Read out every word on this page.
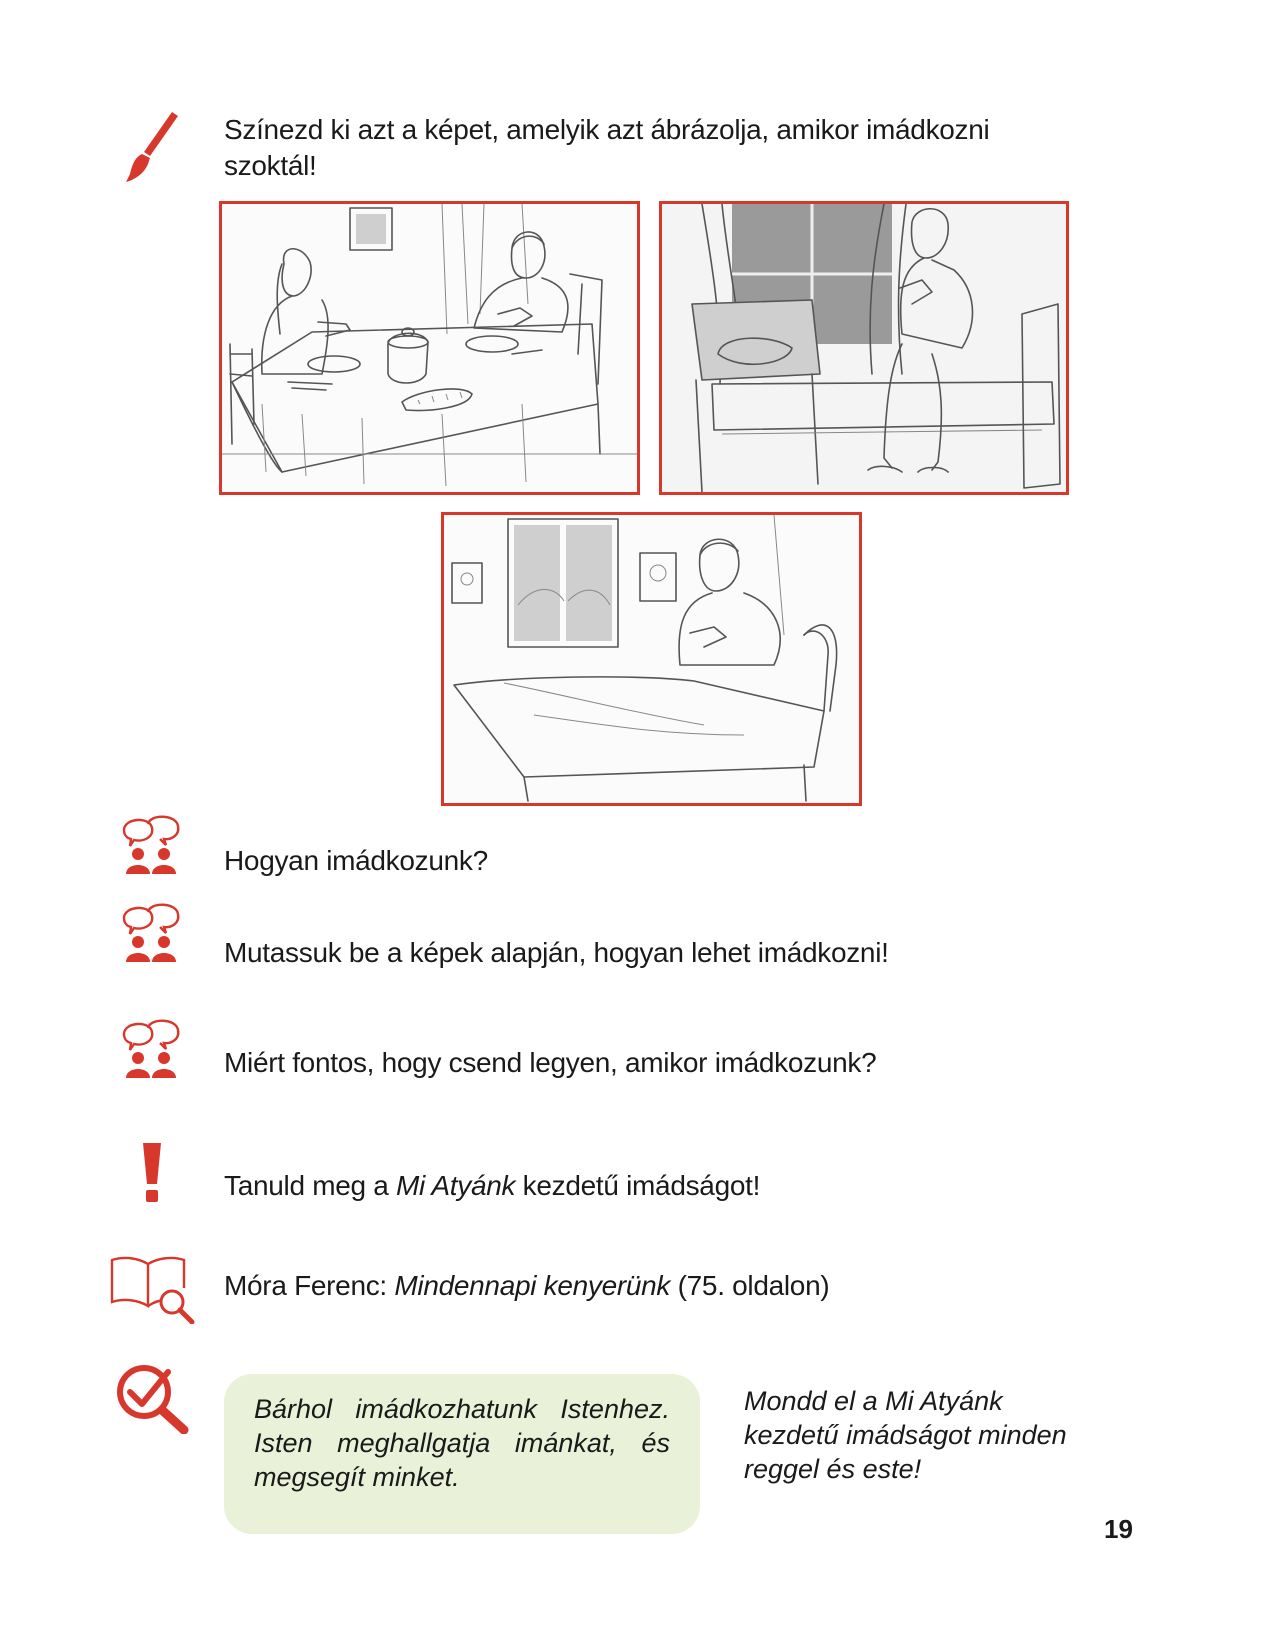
Színezd ki azt a képet, amelyik azt ábrázolja, amikor imádkozni
szoktál!
Hogyan imádkozunk?
Mutassuk be a képek alapján, hogyan lehet imádkozni!
Miért fontos, hogy csend legyen, amikor imádkozunk?
Tanuld meg a Mi Atyánk kezdetű imádságot!
Móra Ferenc: Mindennapi kenyerünk (75. oldalon)
Bárhol imádkozhatunk Istenhez. Isten meghallgatja imánkat, és megsegít minket.
Mondd el a Mi Atyánk
kezdetű imádságot minden
reggel és este!
19
